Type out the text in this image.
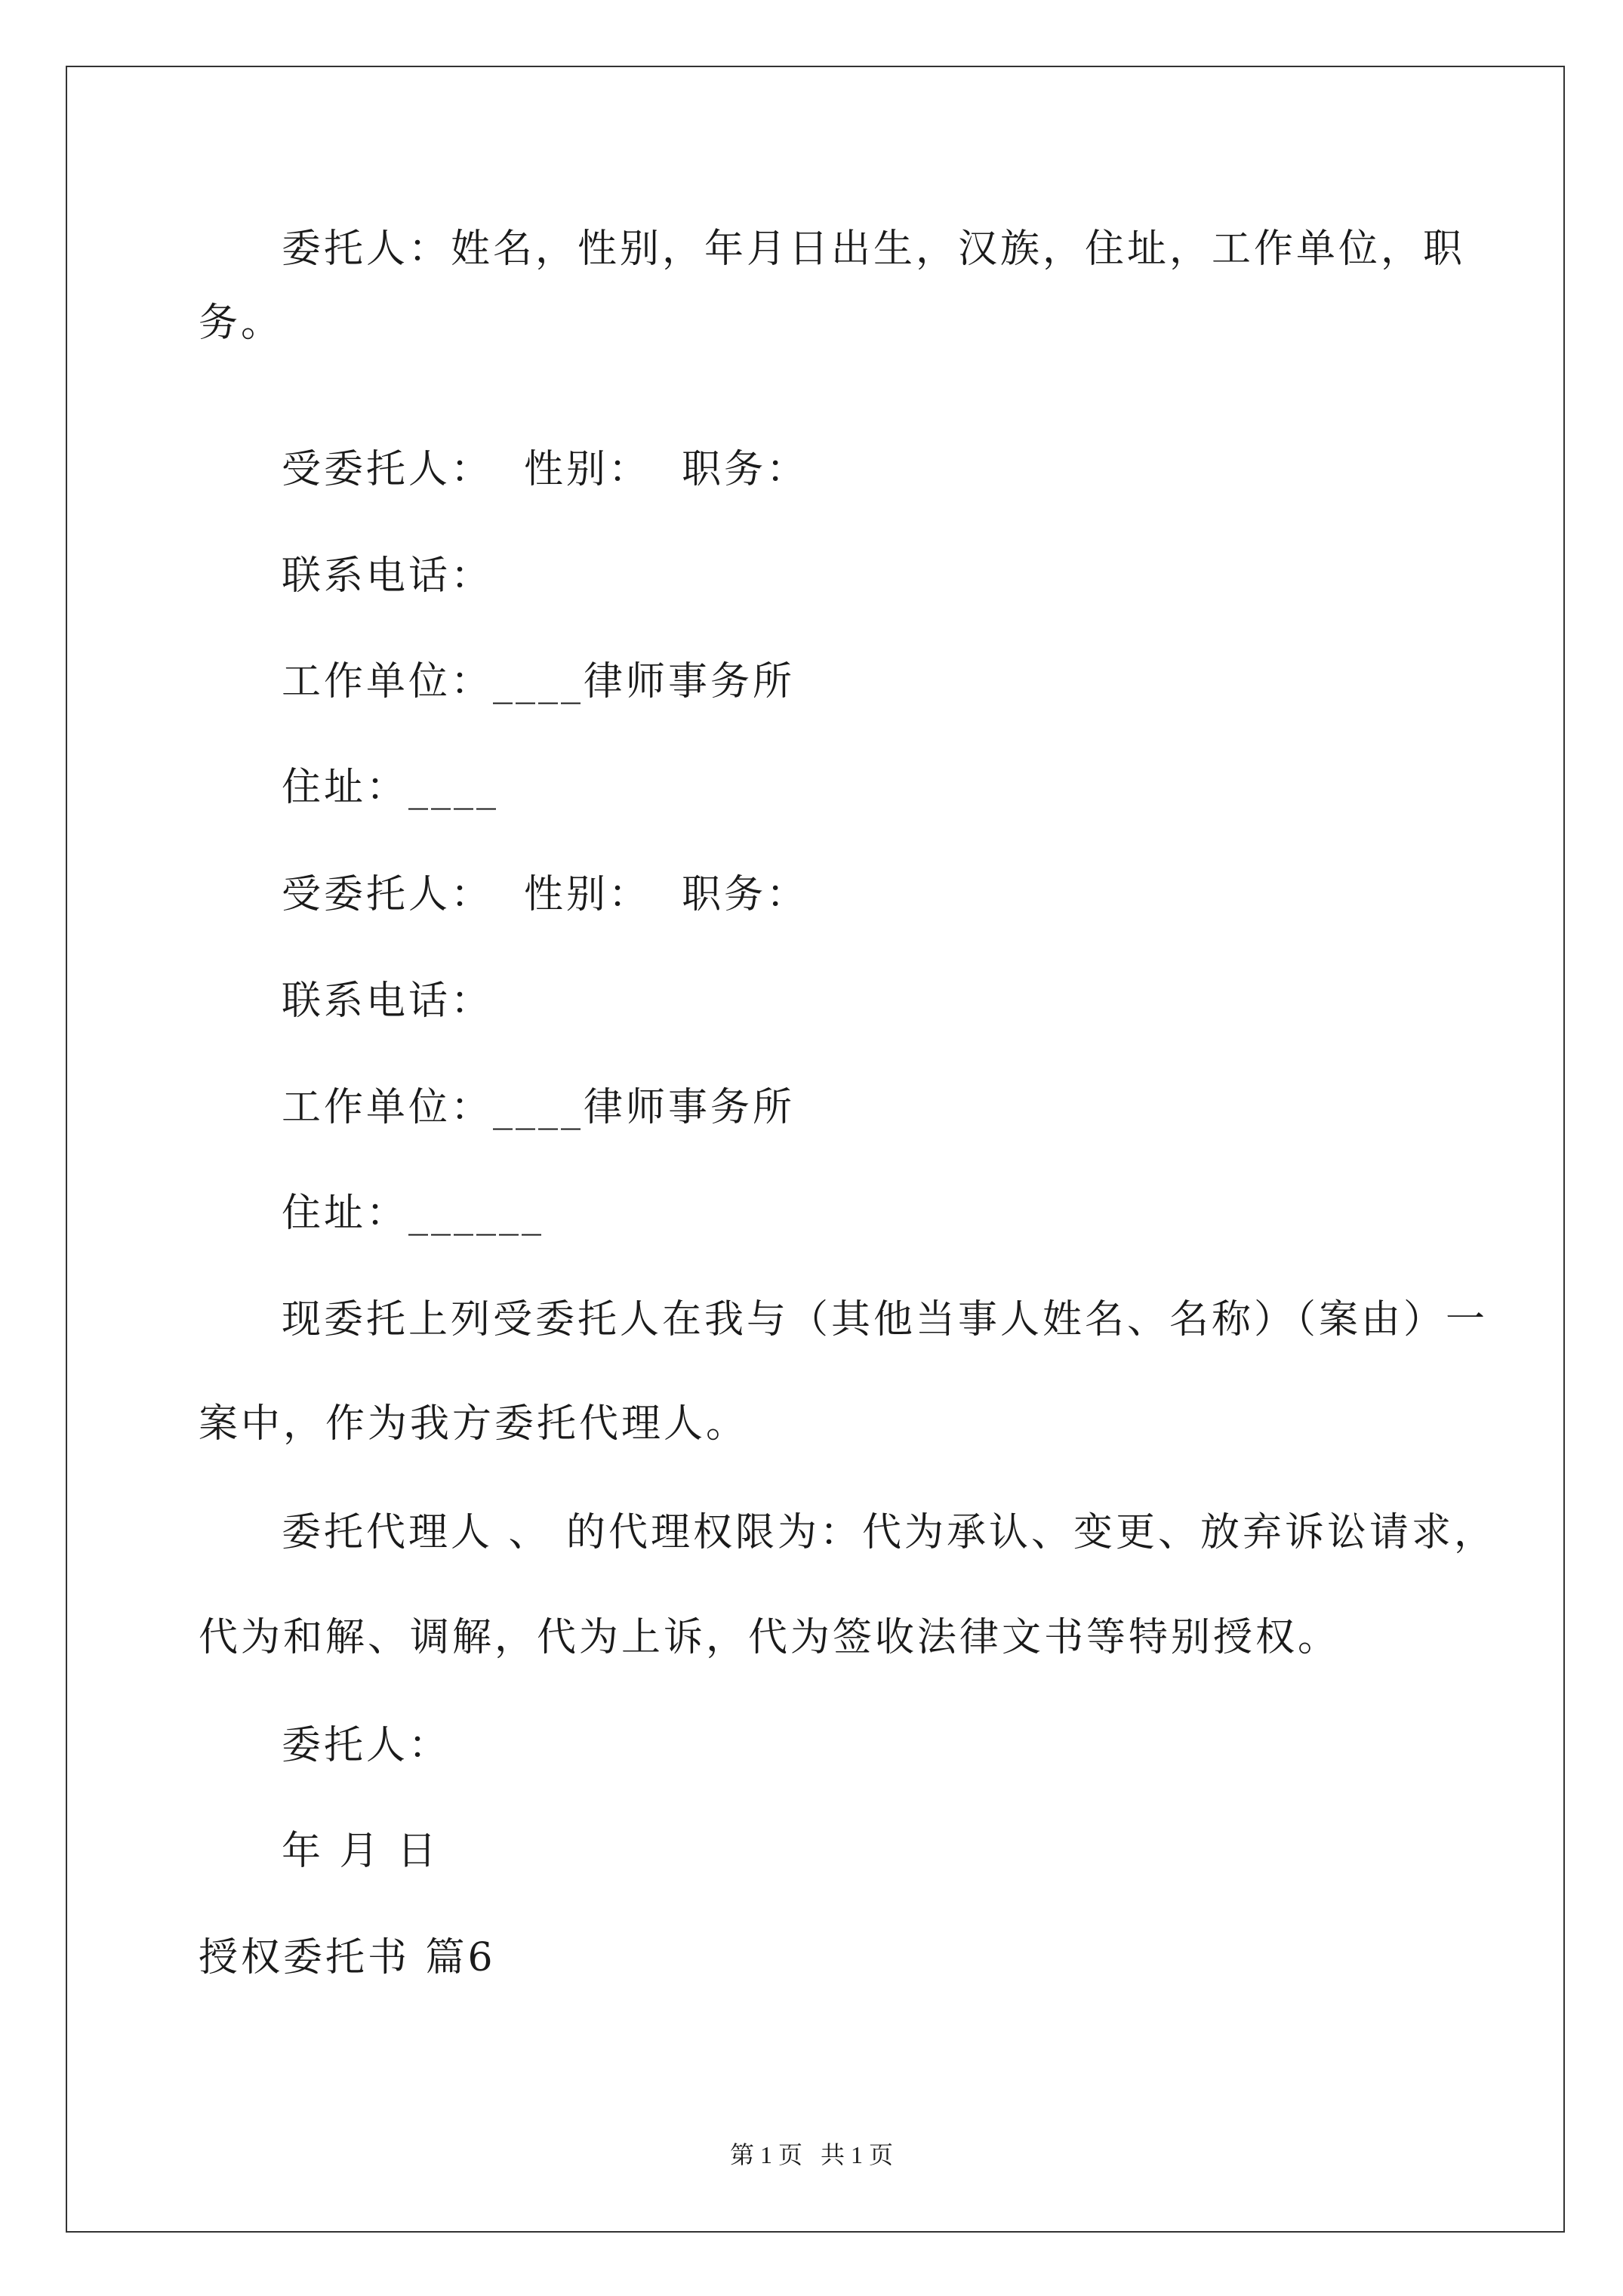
委托人：姓名，性别，年月日出生，汉族，住址，工作单位，职
务。
受委托人：  性别：  职务：
联系电话：
工作单位：____律师事务所
住址：____
受委托人：  性别：  职务：
联系电话：
工作单位：____律师事务所
住址：______
现委托上列受委托人在我与（其他当事人姓名、名称）（案由）一
案中，作为我方委托代理人。
委托代理人 、 的代理权限为：代为承认、变更、放弃诉讼请求，
代为和解、调解，代为上诉，代为签收法律文书等特别授权。
委托人：
年 月 日
授权委托书 篇6
第 1 页   共 1 页
